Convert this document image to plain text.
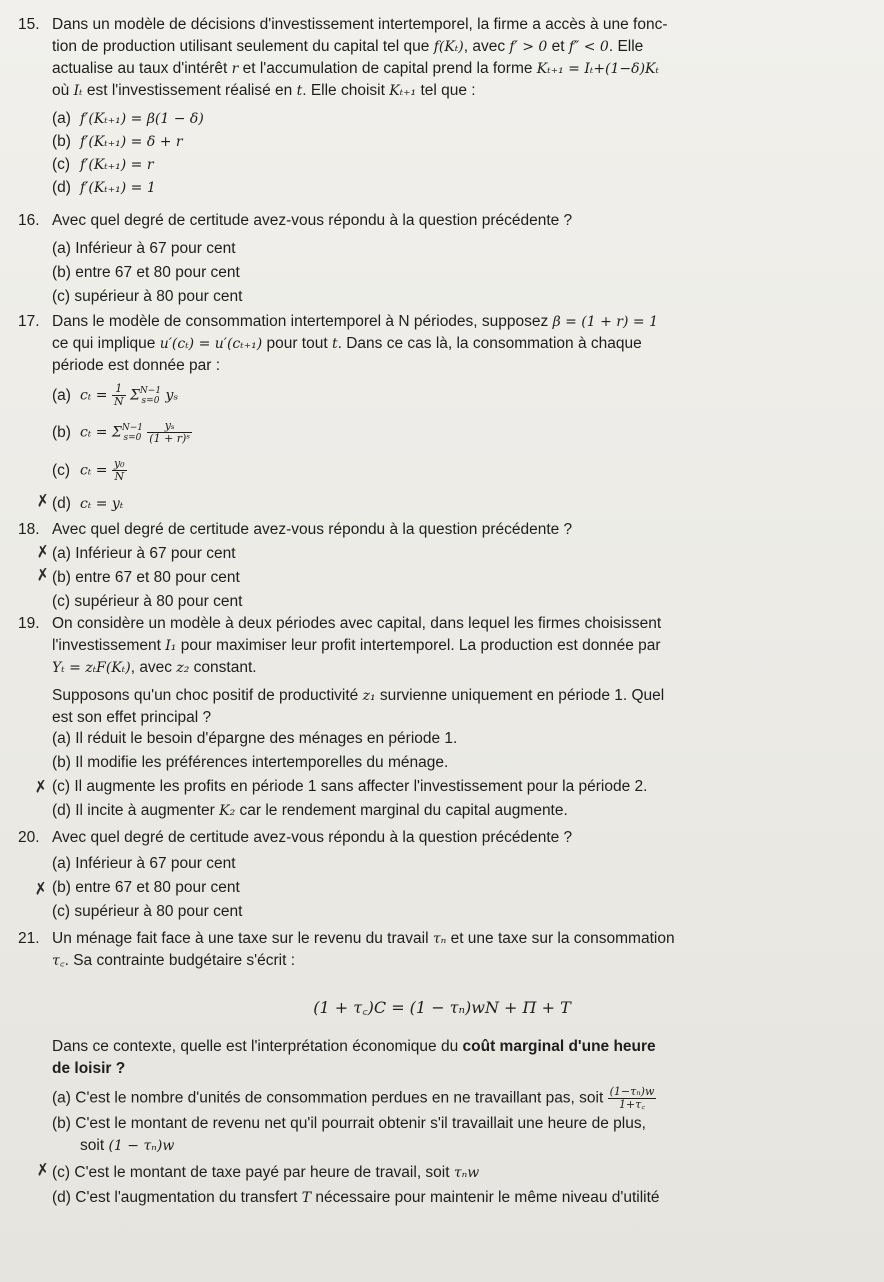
15. Dans un modèle de décisions d'investissement intertemporel, la firme a accès à une fonc-
tion de production utilisant seulement du capital tel que f(Kₜ), avec f′ > 0 et f″ < 0. Elle
actualise au taux d'intérêt r et l'accumulation de capital prend la forme Kₜ₊₁ = Iₜ+(1−δ)Kₜ
où Iₜ est l'investissement réalisé en t. Elle choisit Kₜ₊₁ tel que :
(a) f′(Kₜ₊₁) = β(1 − δ)
(b) f′(Kₜ₊₁) = δ + r
(c) f′(Kₜ₊₁) = r
(d) f′(Kₜ₊₁) = 1
16. Avec quel degré de certitude avez-vous répondu à la question précédente ?
(a) Inférieur à 67 pour cent
(b) entre 67 et 80 pour cent
(c) supérieur à 80 pour cent
17. Dans le modèle de consommation intertemporel à N périodes, supposez β = (1 + r) = 1
ce qui implique u′(cₜ) = u′(cₜ₊₁) pour tout t. Dans ce cas là, la consommation à chaque
période est donnée par :
(a) $c_t = \frac{1}{N}$ Σ N−1
s=0 yₛ
(b) cₜ = Σ N−1
s=0
$\frac{\text{yₛ}}{\text{(1 + r)ˢ}}$
(c) $c_t = \frac{\text{y₀}}{N}$
(d) cₜ = yₜ
✗
18. Avec quel degré de certitude avez-vous répondu à la question précédente ?
(a) Inférieur à 67 pour cent
(b) entre 67 et 80 pour cent
(c) supérieur à 80 pour cent
✗
✗
19. On considère un modèle à deux périodes avec capital, dans lequel les firmes choisissent
l'investissement I₁ pour maximiser leur profit intertemporel. La production est donnée par
Yₜ = zₜF(Kₜ), avec z₂ constant.
Supposons qu'un choc positif de productivité z₁ survienne uniquement en période 1. Quel
est son effet principal ?
(a) Il réduit le besoin d'épargne des ménages en période 1.
(b) Il modifie les préférences intertemporelles du ménage.
(c) Il augmente les profits en période 1 sans affecter l'investissement pour la période 2.
(d) Il incite à augmenter K₂ car le rendement marginal du capital augmente.
✗
20. Avec quel degré de certitude avez-vous répondu à la question précédente ?
(a) Inférieur à 67 pour cent
(b) entre 67 et 80 pour cent
(c) supérieur à 80 pour cent
✗
21. Un ménage fait face à une taxe sur le revenu du travail τₙ et une taxe sur la consommation
τ꜀. Sa contrainte budgétaire s'écrit :
(1 + τ꜀)C = (1 − τₙ)wN + Π + T
Dans ce contexte, quelle est l'interprétation économique du coût marginal d'une heure
de loisir ?
(a) C'est le nombre d'unités de consommation perdues en ne travaillant pas, soit $\frac{\text{(1−τₙ)w}}{1+\tau꜀}$
(b) C'est le montant de revenu net qu'il pourrait obtenir s'il travaillait une heure de plus,
soit (1 − τₙ)w
(c) C'est le montant de taxe payé par heure de travail, soit τₙw
(d) C'est l'augmentation du transfert T nécessaire pour maintenir le même niveau d'utilité
✗
